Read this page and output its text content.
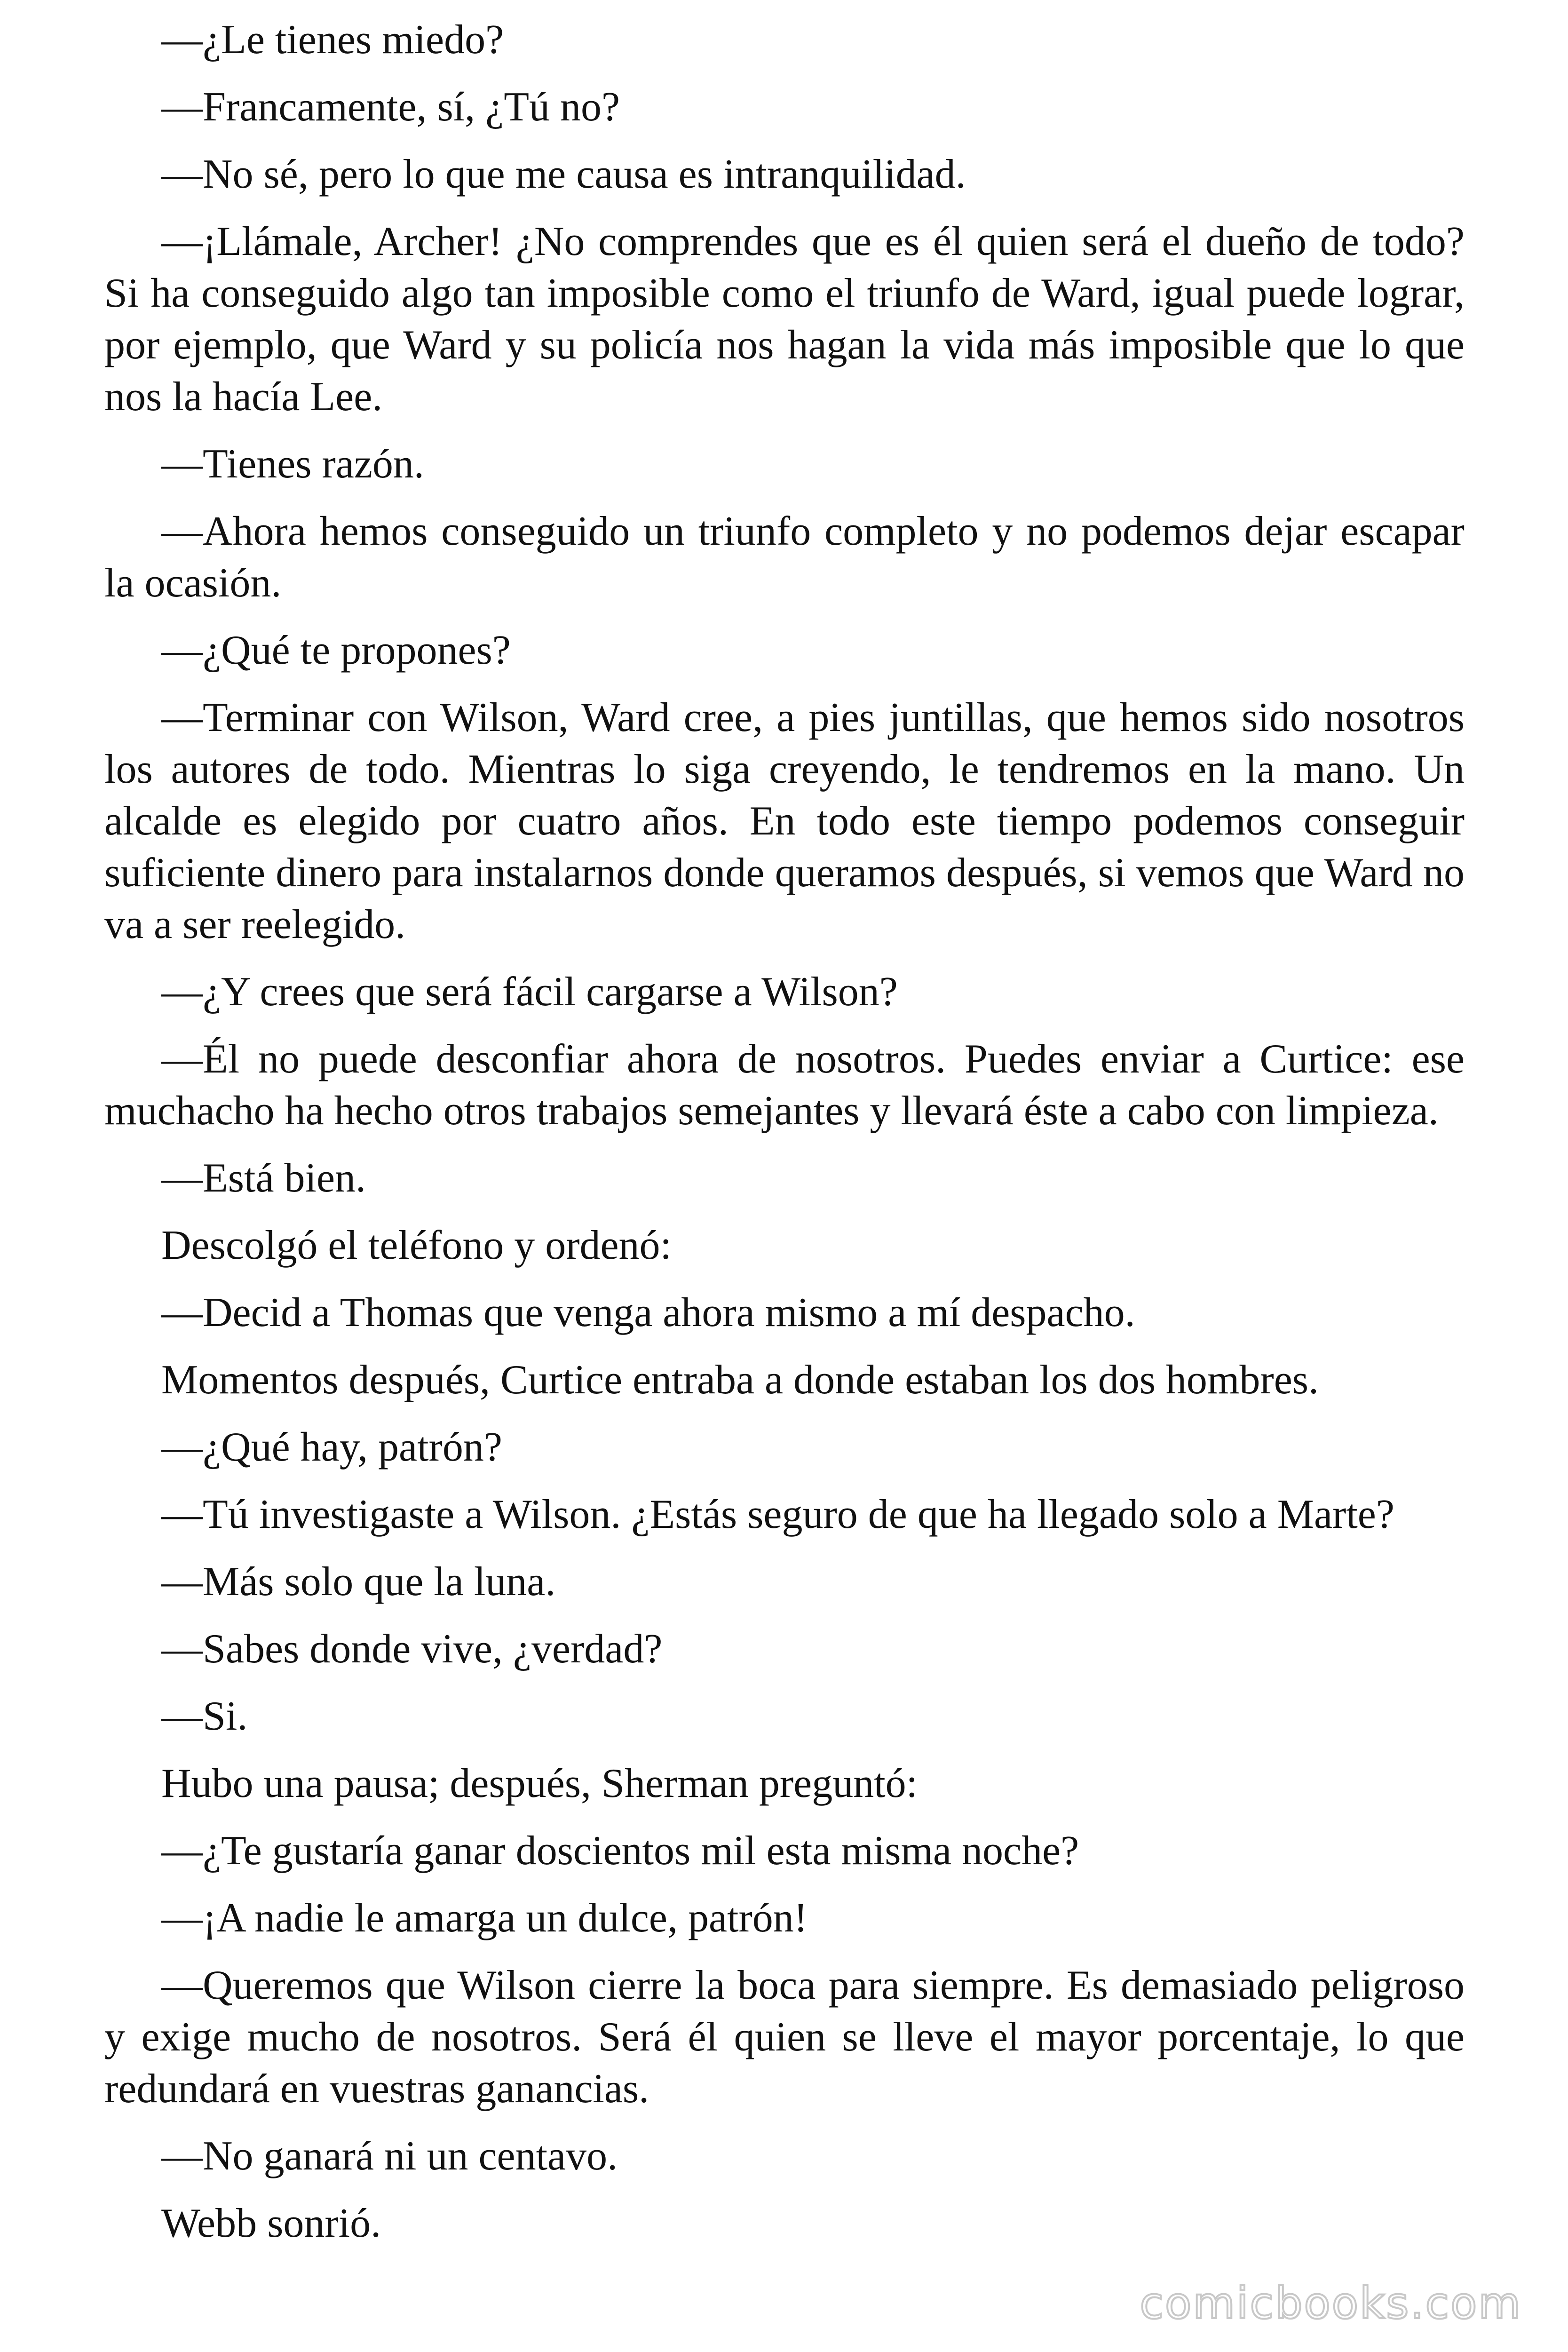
—¿Le tienes miedo?

—Francamente, sí, ¿Tú no?

—No sé, pero lo que me causa es intranquilidad.

—¡Llámale, Archer! ¿No comprendes que es él quien será el dueño de todo? Si ha conseguido algo tan imposible como el triunfo de Ward, igual puede lograr, por ejemplo, que Ward y su policía nos hagan la vida más imposible que lo que nos la hacía Lee.

—Tienes razón.

—Ahora hemos conseguido un triunfo completo y no podemos dejar escapar la ocasión.

—¿Qué te propones?

—Terminar con Wilson, Ward cree, a pies juntillas, que hemos sido nosotros los autores de todo. Mientras lo siga creyendo, le tendremos en la mano. Un alcalde es elegido por cuatro años. En todo este tiempo podemos conseguir suficiente dinero para instalarnos donde queramos después, si vemos que Ward no va a ser reelegido.

—¿Y crees que será fácil cargarse a Wilson?

—Él no puede desconfiar ahora de nosotros. Puedes enviar a Curtice: ese muchacho ha hecho otros trabajos semejantes y llevará éste a cabo con limpieza.

—Está bien.

Descolgó el teléfono y ordenó:

—Decid a Thomas que venga ahora mismo a mí despacho.

Momentos después, Curtice entraba a donde estaban los dos hombres.

—¿Qué hay, patrón?

—Tú investigaste a Wilson. ¿Estás seguro de que ha llegado solo a Marte?

—Más solo que la luna.

—Sabes donde vive, ¿verdad?

—Si.

Hubo una pausa; después, Sherman preguntó:

—¿Te gustaría ganar doscientos mil esta misma noche?

—¡A nadie le amarga un dulce, patrón!

—Queremos que Wilson cierre la boca para siempre. Es demasiado peligroso y exige mucho de nosotros. Será él quien se lleve el mayor porcentaje, lo que redundará en vuestras ganancias.

—No ganará ni un centavo.

Webb sonrió.

comicbooks.com
